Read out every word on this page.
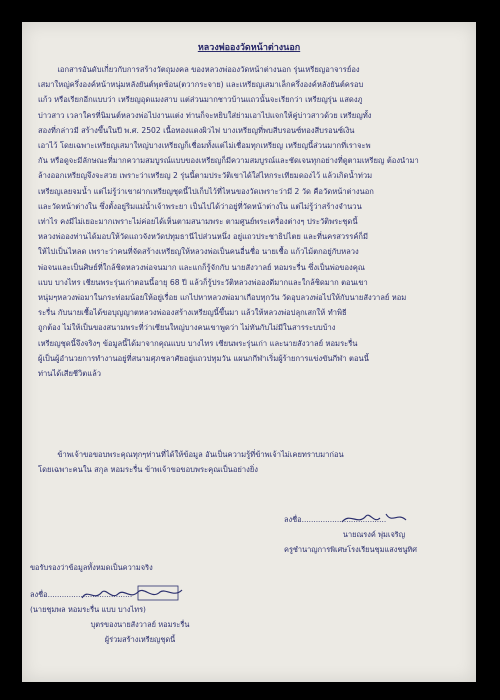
หลวงพ่อองวัดหน้าต่างนอก
เอกสารอันดับเกี่ยวกับการสร้างวัตถุมงคล ของหลวงพ่อองวัดหน้าต่างนอก รุ่นเหรียญอาจารย์อง
เสมาใหญ่ครึ่งองค์หน้าหนุ่มหลังยันต์พุดซ้อน(ตวากระจาย) และเหรียญเสมาเล็กครึ่งองค์หลังยันต์ครอบ
แก้ว หรือเรียกอีกแบบว่า เหรียญอุดแมงสาบ แต่ส่วนมากชาวบ้านแถวนั้นจะเรียกว่า เหรียญรุ่น แสดงภู
บ่าวสาว เวลาใครที่นิมนต์หลวงพ่อไปงานแต่ง ท่านก็จะหยิบใส่ย่ามเอาไปแจกให้คู่บ่าวสาวด้วย เหรียญทั้ง
สองที่กล่าวมี สร้างขึ้นในปี พ.ศ. 2502 เนื้อทองแดงผิวไฟ บางเหรียญที่พบสีบรอนซ์ทองสีบรอนซ์เงิน
เอาไว้ โดยเฉพาะเหรียญเสมาใหญ่บางเหรียญก็เชื่อมทั้งแต่ไม่เชื่อมทุกเหรียญ เหรียญนี้ส่วนมากที่เราจะพ
กัน หรือดูจะมีลักษณะที่มากความสมบูรณ์แบบของเหรียญก็มีความสมบูรณ์และชัดเจนทุกอย่างที่ดูตามเหรียญ ต้องนำมา
ล้างออกเหรียญจึงจะสวย เพราะว่าเหรียญ 2 รุ่นนี้ตามประวัติเขาได้ใส่ไหกระเทียมดองไว้ แล้วเกิดน้ำท่วม
เหรียญเลยจมน้ำ แต่ไม่รู้ว่าเขาฝากเหรียญชุดนี้ไปเก็บไว้ที่ไหนของวัดเพราะว่ามี 2 วัด คือวัดหน้าต่างนอก
และวัดหน้าต่างใน ซึ่งตั้งอยู่ริมแม่น้ำเจ้าพระยา เป็นไปได้ว่าอยู่ที่วัดหน้าต่างใน แต่ไม่รู้ว่าสร้างจำนวน
เท่าไร คงมีไม่เยอะมากเพราะไม่ค่อยได้เห็นตามสนามพระ ตามศูนย์พระเครื่องต่างๆ ประวัติพระชุดนี้
หลวงพ่อองท่านได้มอบให้วัดแถวจังหวัดปทุมธานีไปส่วนหนึ่ง อยู่แถวประชาธิปไตย และที่นครสวรรค์ก็มี
ให้ไปเป็นไหลด เพราะว่าคนที่จัดสร้างเหรียญให้หลวงพ่อเป็นคนอื่นชื่อ นายเชื้อ แก้วไม้ตกอยู่กับหลวง
พ่อจนและเป็นศิษย์ที่ใกล้ชิดหลวงพ่อจนมาก และแกก็รู้จักกับ นายสังวาลย์ หอมระรื่น ซึ่งเป็นพ่อของคุณ
แบบ บางไทร เชียนพระรุ่นเก่าตอนนี้อายุ 68 ปี แล้วก็รู้ประวัติหลวงพ่อองดีมากและใกล้ชิดมาก ตอนเขา
หนุ่มๆหลวงพ่อมาในกระท่อมน้อยให้อยู่เรื่อย แกไปหาหลวงพ่อมาเกือบทุกวัน วัดอุบลวงพ่อไปให้กับนายสังวาลย์ หอม
ระรื่น กับนายเชื้อได้ขอบุญญาตหลวงพ่อองสร้างเหรียญนี้ขึ้นมา แล้วให้หลวงพ่อปลุกเสกให้ ทำพิธี
ถูกต้อง ไม่ให้เป็นของสนามพระที่ว่าเซียนใหญ่บางคนเขาพูดว่า ไม่ทันกับไม่มีในสารระบบบ้าง
เหรียญชุดนี้จึงจริงๆ ข้อมูลนี้ได้มาจากคุณแบบ บางไทร เซียนพระรุ่นเก่า และนายสังวาลย์ หอมระรื่น
ผู้เป็นผู้อำนวยการทำงานอยู่ที่สนามศุภชลาศัยอยู่แถวปทุมวัน แผนกกีฬาเริ่มผู้ร้ายการแข่งขันกีฬา ตอนนี้
ท่านได้เสียชีวิตแล้ว
ข้าพเจ้าขอขอบพระคุณทุกๆท่านที่ได้ให้ข้อมูล อันเป็นความรู้ที่ข้าพเจ้าไม่เคยทราบมาก่อน
โดยเฉพาะคนใน สกุล หอมระรื่น ข้าพเจ้าขอขอบพระคุณเป็นอย่างยิ่ง
ลงชื่อ....................................
นายณรงค์ พุ่มเจริญ
ครูชำนาญการพิเศษโรงเรียนชุมแสงชนูทิศ
ขอรับรองว่าข้อมูลทั้งหมดเป็นความจริง
ลงชื่อ....................................
(นายชุมพล หอมระรื่น แบบ บางไทร)
บุตรของนายสังวาลย์ หอมระรื่น
ผู้ร่วมสร้างเหรียญชุดนี้
